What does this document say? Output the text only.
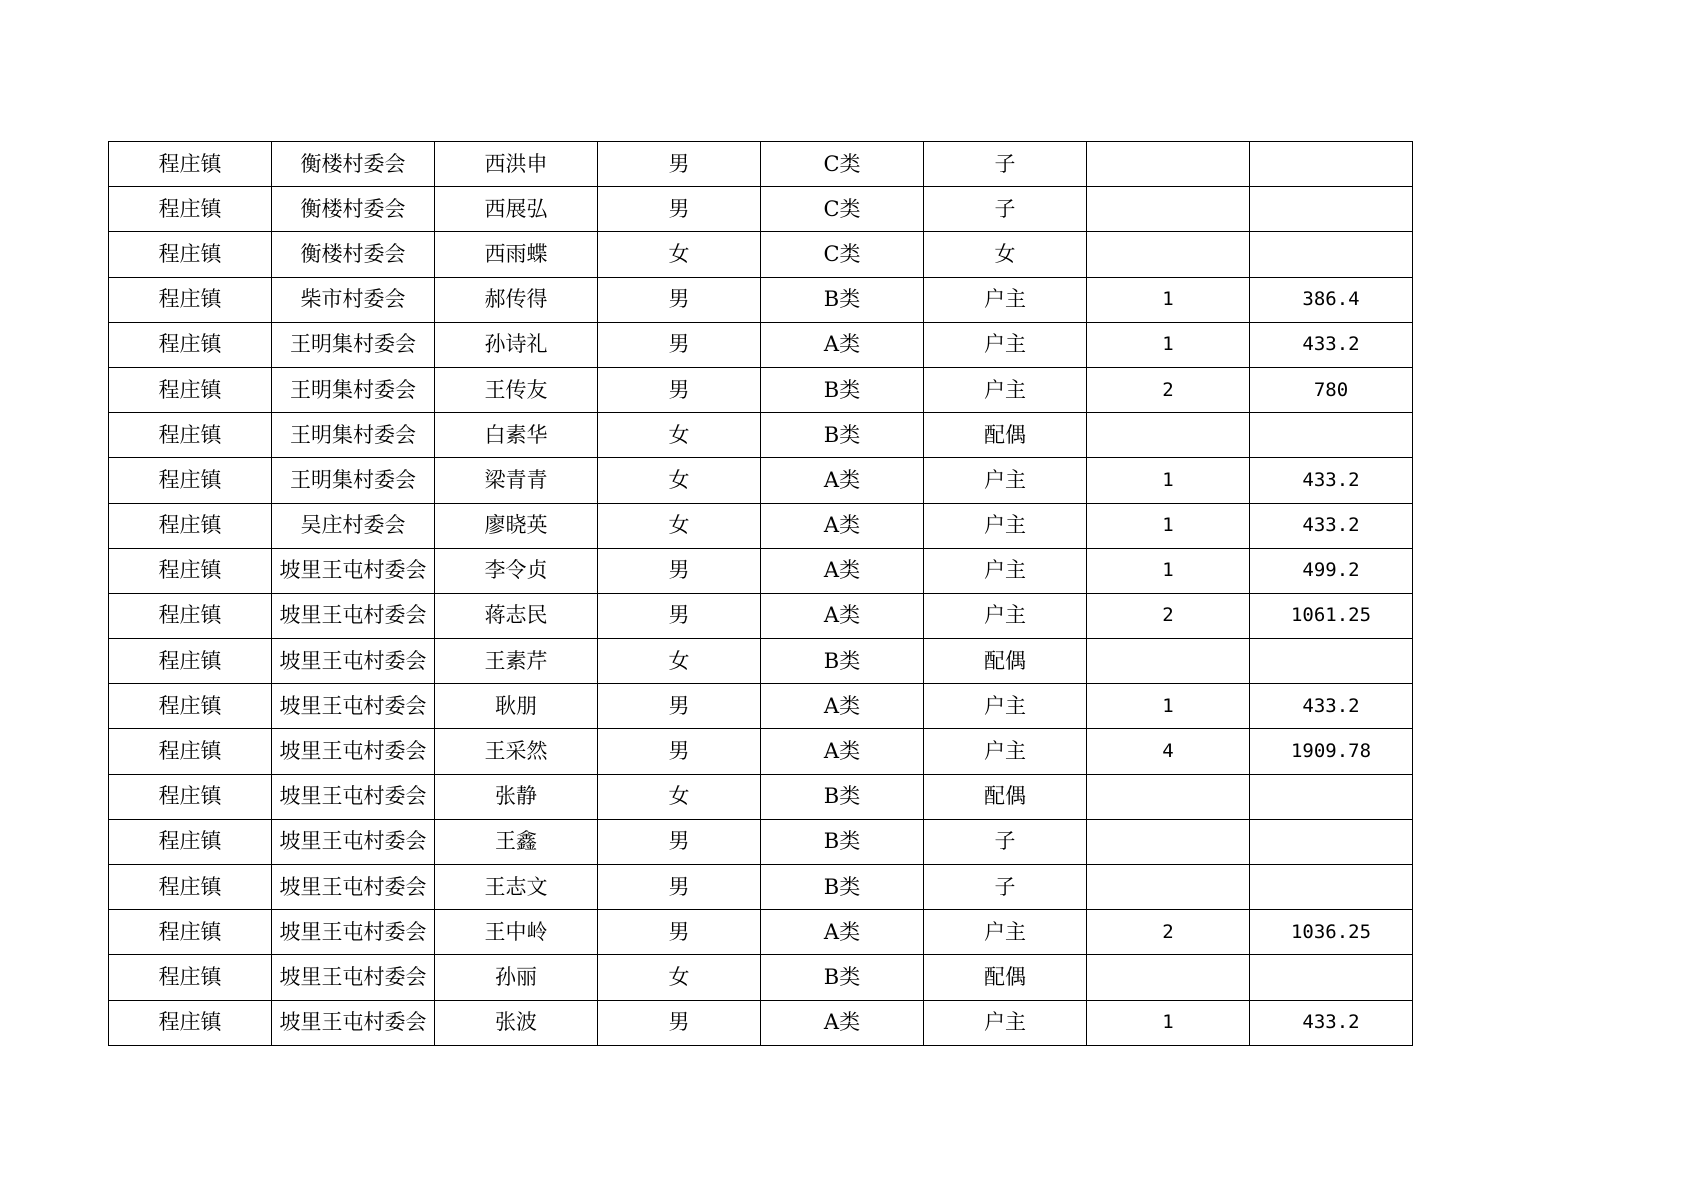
程庄镇	衡楼村委会	西洪申	男	C类	子		
程庄镇	衡楼村委会	西展弘	男	C类	子		
程庄镇	衡楼村委会	西雨蝶	女	C类	女		
程庄镇	柴市村委会	郝传得	男	B类	户主	1	386.4
程庄镇	王明集村委会	孙诗礼	男	A类	户主	1	433.2
程庄镇	王明集村委会	王传友	男	B类	户主	2	780
程庄镇	王明集村委会	白素华	女	B类	配偶		
程庄镇	王明集村委会	梁青青	女	A类	户主	1	433.2
程庄镇	吴庄村委会	廖晓英	女	A类	户主	1	433.2
程庄镇	坡里王屯村委会	李令贞	男	A类	户主	1	499.2
程庄镇	坡里王屯村委会	蒋志民	男	A类	户主	2	1061.25
程庄镇	坡里王屯村委会	王素芹	女	B类	配偶		
程庄镇	坡里王屯村委会	耿朋	男	A类	户主	1	433.2
程庄镇	坡里王屯村委会	王采然	男	A类	户主	4	1909.78
程庄镇	坡里王屯村委会	张静	女	B类	配偶		
程庄镇	坡里王屯村委会	王鑫	男	B类	子		
程庄镇	坡里王屯村委会	王志文	男	B类	子		
程庄镇	坡里王屯村委会	王中岭	男	A类	户主	2	1036.25
程庄镇	坡里王屯村委会	孙丽	女	B类	配偶		
程庄镇	坡里王屯村委会	张波	男	A类	户主	1	433.2
